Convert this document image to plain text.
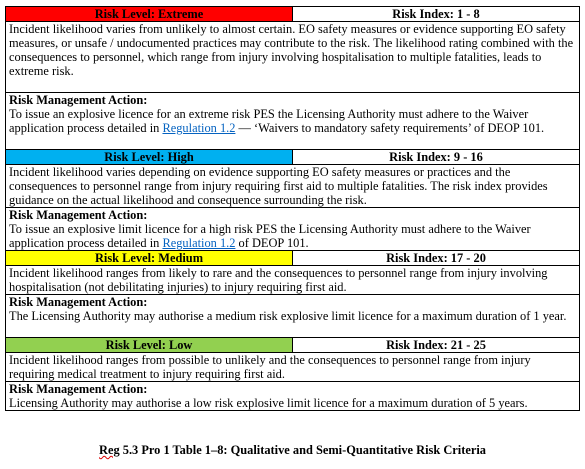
Risk Level: Extreme	Risk Index: 1 - 8
Incident likelihood varies from unlikely to almost certain. EO safety measures or evidence supporting EO safety measures, or unsafe / undocumented practices may contribute to the risk. The likelihood rating combined with the consequences to personnel, which range from injury involving hospitalisation to multiple fatalities, leads to extreme risk.	

Risk Management Action:
To issue an explosive licence for an extreme risk PES the Licensing Authority must adhere to the Waiver application process detailed in Regulation 1.2 — ‘Waivers to mandatory safety requirements’ of DEOP 101.	
Risk Level: High	Risk Index: 9 - 16
Incident likelihood varies depending on evidence supporting EO safety measures or practices and the consequences to personnel range from injury requiring first aid to multiple fatalities. The risk index provides guidance on the actual likelihood and consequence surrounding the risk.	

Risk Management Action:
To issue an explosive limit licence for a high risk PES the Licensing Authority must adhere to the Waiver application process detailed in Regulation 1.2 of DEOP 101.	
Risk Level: Medium	Risk Index: 17 - 20
Incident likelihood ranges from likely to rare and the consequences to personnel range from injury involving hospitalisation (not debilitating injuries) to injury requiring first aid.	

Risk Management Action:
The Licensing Authority may authorise a medium risk explosive limit licence for a maximum duration of 1 year.	
Risk Level: Low	Risk Index: 21 - 25
Incident likelihood ranges from possible to unlikely and the consequences to personnel range from injury requiring medical treatment to injury requiring first aid.	

Risk Management Action:
Licensing Authority may authorise a low risk explosive limit licence for a maximum duration of 5 years.	
Reg 5.3 Pro 1 Table 1–8: Qualitative and Semi-Quantitative Risk Criteria
